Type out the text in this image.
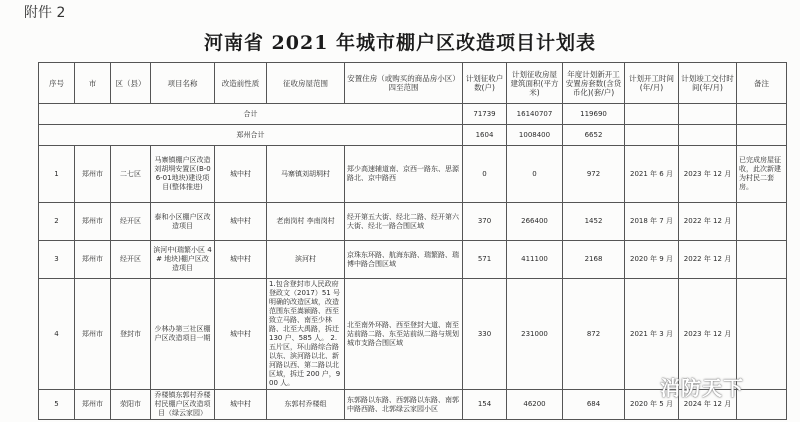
附件 2
河南省 2021 年城市棚户区改造项目计划表
序号	市	区（县）	项目名称	改造前性质	征收房屋范围	安置住房（或购买的商品房小区）四至范围	计划征收户数(户)	计划征收房屋建筑面积(平方米)	年度计划新开工安置房套数(含货币化)(套/户)	计划开工时间(年/月)	计划竣工交付时间(年/月)	备注
合计							71739	16140707	119690			
郑州合计							1604	1008400	6652			
1	郑州市	二七区	马寨镇棚户区改造刘胡垌安置区(B-06-01地块)建设项目(整体推进)	城中村	马寨镇刘胡垌村	郑少高速辅道南、京西一路东、思源路北、京中路西	0	0	972	2021 年 6 月	2023 年 12 月	已完成房屋征收，此次新建为村民二套房。
2	郑州市	经开区	泰和小区棚户区改造项目	城中村	老南岗村 李南岗村	经开第五大街、经北二路、经开第六大街、经北一路合围区域	370	266400	1452	2018 年 7 月	2022 年 12 月	
3	郑州市	经开区	滨河中(瑞繁小区 4# 地块)棚户区改造项目	城中村	滨河村	京珠东环路、航海东路、瑞繁路、瑞博中路合围区域	571	411100	2168	2020 年 9 月	2022 年 12 月	
4	郑州市	登封市	少林办第三社区棚户区改造项目一期	城中村	1.包含登封市人民政府登政文（2017）51 号明确的改造区域，改造范围东至嵩颍路、西至致立马路、南至少林路、北至大禹路，拆迁 130 户、585 人。 2.五片区，环山路综合路以东、滨河路以北、新河路以西、第二路以北区域，拆迁 200 户，900 人。	北至南外环路、西至登封大道、南至站前路二路、东至站前纵二路与规划城市支路合围区域	330	231000	872	2021 年 3 月	2023 年 12 月	
5	郑州市	荥阳市	乔楼镇东郭村乔楼村民棚户区改造项目（绿云家园）	城中村	东郭村乔楼组	东郭路以东路、西郭路以东路、南郭中路西路、北郭绿云家园小区	154	46200	684	2020 年 5 月	2024 年 12 月	
消防天下
